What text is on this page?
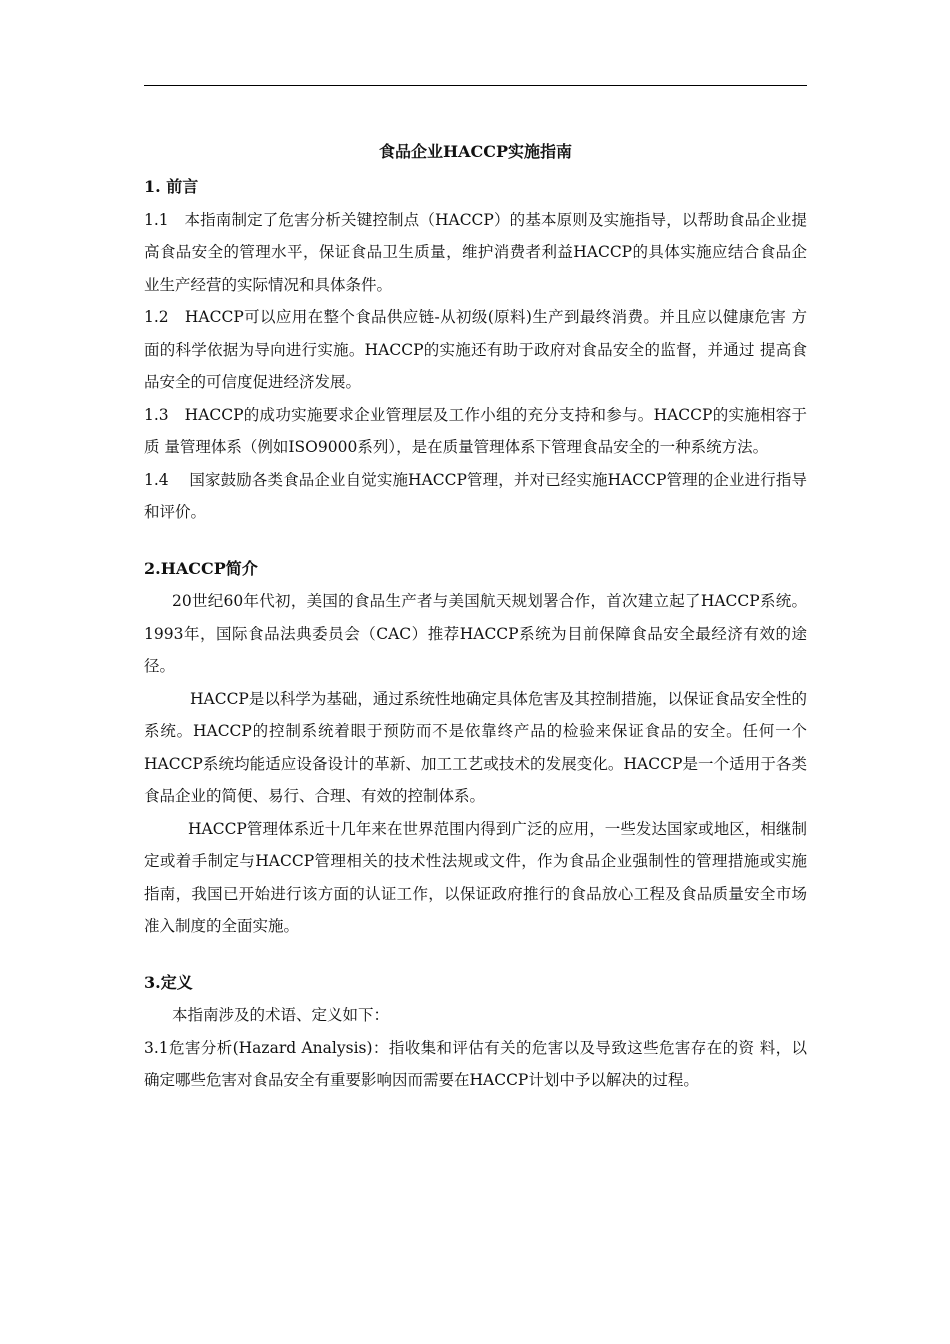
食品企业HACCP实施指南
1. 前言

1.1　本指南制定了危害分析关键控制点（HACCP）的基本原则及实施指导，以帮助食品企业提高食品安全的管理水平，保证食品卫生质量，维护消费者利益HACCP的具体实施应结合食品企业生产经营的实际情况和具体条件。

1.2　HACCP可以应用在整个食品供应链-从初级(原料)生产到最终消费。并且应以健康危害 方面的科学依据为导向进行实施。HACCP的实施还有助于政府对食品安全的监督，并通过 提高食品安全的可信度促进经济发展。

1.3　HACCP的成功实施要求企业管理层及工作小组的充分支持和参与。HACCP的实施相容于质 量管理体系（例如ISO9000系列），是在质量管理体系下管理食品安全的一种系统方法。

1.4　 国家鼓励各类食品企业自觉实施HACCP管理，并对已经实施HACCP管理的企业进行指导和评价。

2.HACCP简介

20世纪60年代初，美国的食品生产者与美国航天规划署合作，首次建立起了HACCP系统。1993年，国际食品法典委员会（CAC）推荐HACCP系统为目前保障食品安全最经济有效的途径。

HACCP是以科学为基础，通过系统性地确定具体危害及其控制措施，以保证食品安全性的系统。HACCP的控制系统着眼于预防而不是依靠终产品的检验来保证食品的安全。任何一个HACCP系统均能适应设备设计的革新、加工工艺或技术的发展变化。HACCP是一个适用于各类食品企业的简便、易行、合理、有效的控制体系。

HACCP管理体系近十几年来在世界范围内得到广泛的应用，一些发达国家或地区，相继制定或着手制定与HACCP管理相关的技术性法规或文件，作为食品企业强制性的管理措施或实施指南，我国已开始进行该方面的认证工作，以保证政府推行的食品放心工程及食品质量安全市场准入制度的全面实施。

3.定义

本指南涉及的术语、定义如下：

3.1危害分析(Hazard Analysis)：指收集和评估有关的危害以及导致这些危害存在的资 料，以确定哪些危害对食品安全有重要影响因而需要在HACCP计划中予以解决的过程。
